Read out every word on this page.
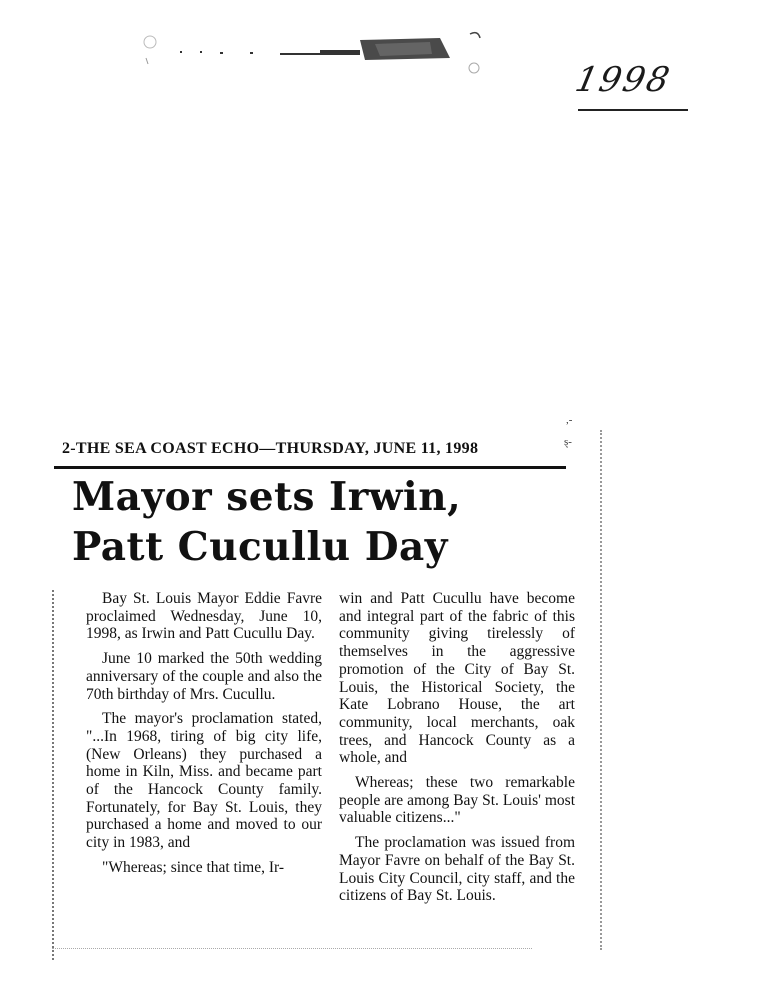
1998
,-
ȿ-
2-THE SEA COAST ECHO—THURSDAY, JUNE 11, 1998
Mayor sets Irwin,
Patt Cucullu Day

Bay St. Louis Mayor Eddie Favre proclaimed Wednesday, June 10, 1998, as Irwin and Patt Cucullu Day.

June 10 marked the 50th wedding anniversary of the couple and also the 70th birthday of Mrs. Cucullu.

The mayor's proclamation stated, "...In 1968, tiring of big city life, (New Orleans) they purchased a home in Kiln, Miss. and became part of the Hancock County family. Fortunately, for Bay St. Louis, they purchased a home and moved to our city in 1983, and

"Whereas; since that time, Ir-

win and Patt Cucullu have become and integral part of the fabric of this community giving tirelessly of themselves in the aggressive promotion of the City of Bay St. Louis, the Historical Society, the Kate Lobrano House, the art community, local merchants, oak trees, and Hancock County as a whole, and

Whereas; these two remarkable people are among Bay St. Louis' most valuable citizens..."

The proclamation was issued from Mayor Favre on behalf of the Bay St. Louis City Council, city staff, and the citizens of Bay St. Louis.
